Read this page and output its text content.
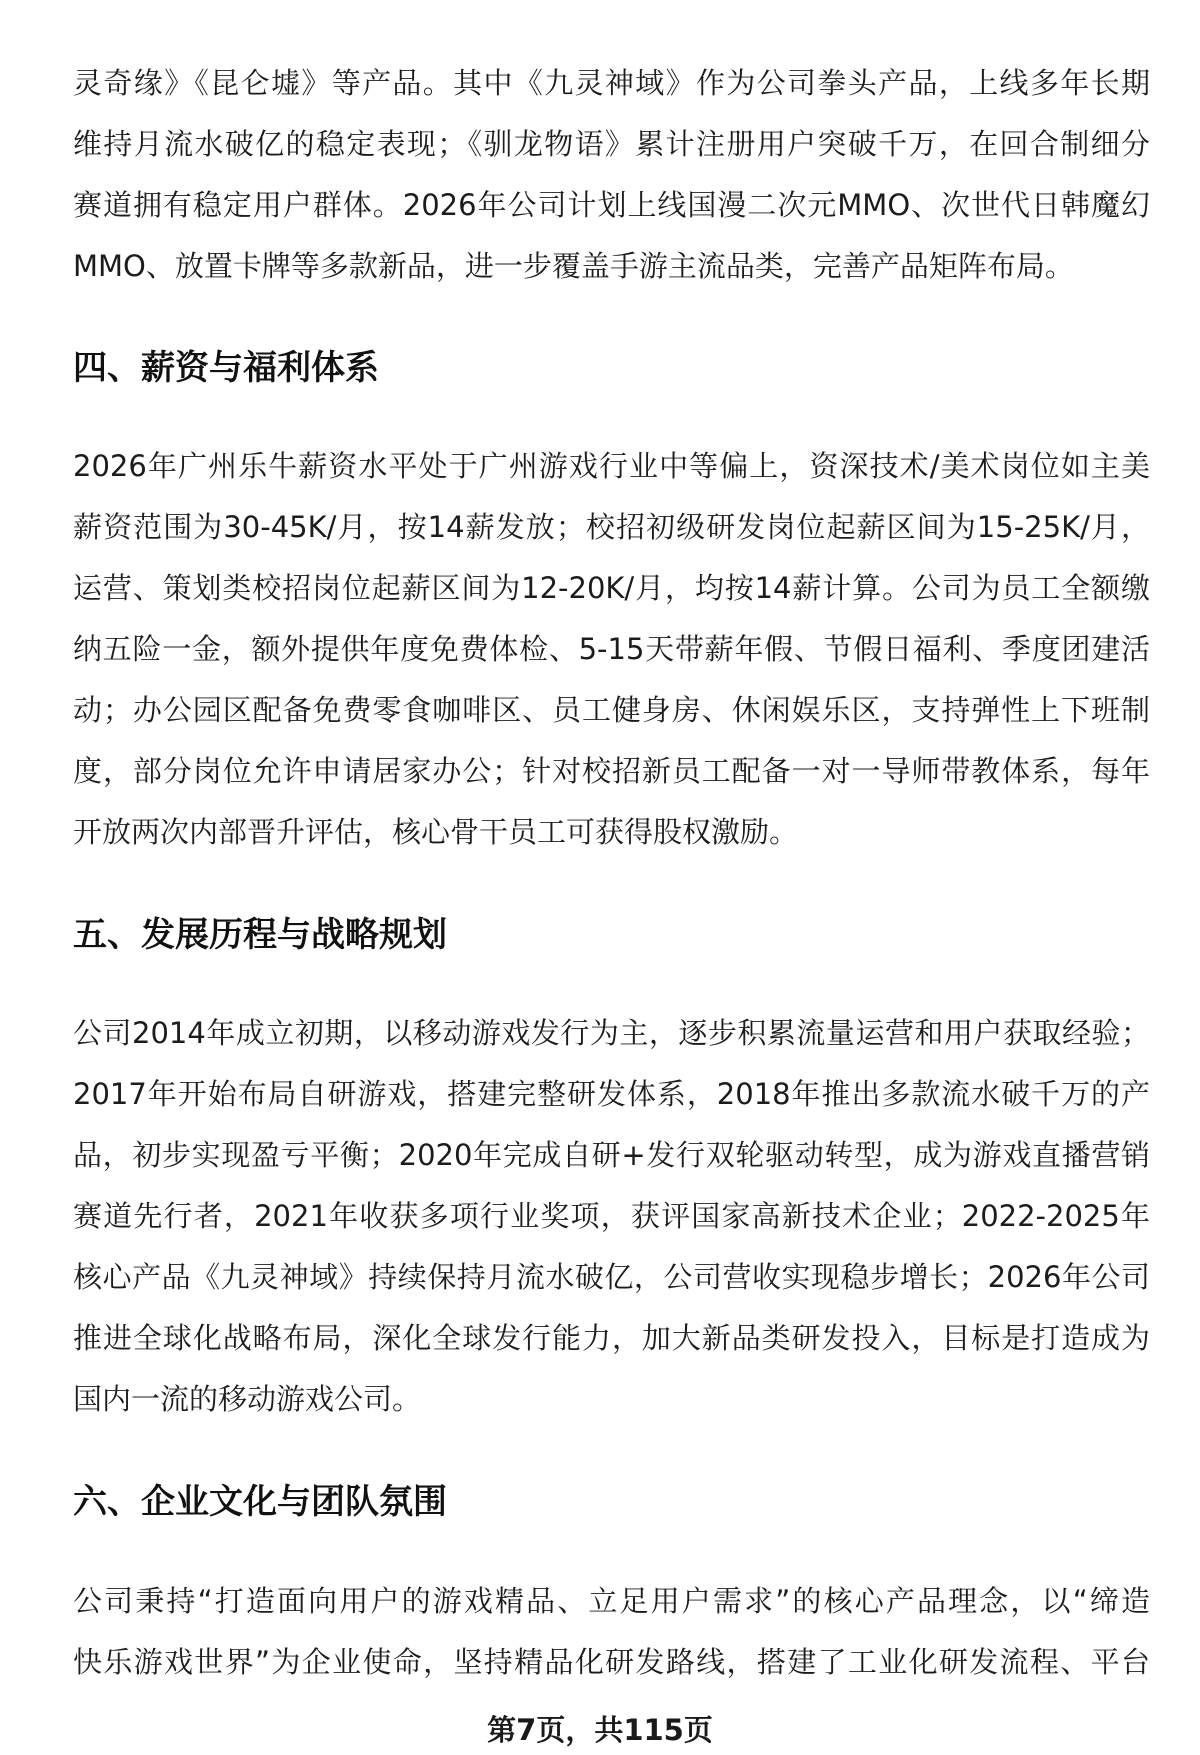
灵奇缘》《昆仑墟》等产品。其中《九灵神域》作为公司拳头产品，上线多年长期
维持月流水破亿的稳定表现；《驯龙物语》累计注册用户突破千万，在回合制细分
赛道拥有稳定用户群体。2026年公司计划上线国漫二次元MMO、次世代日韩魔幻
MMO、放置卡牌等多款新品，进一步覆盖手游主流品类，完善产品矩阵布局。
四、薪资与福利体系
2026年广州乐牛薪资水平处于广州游戏行业中等偏上，资深技术/美术岗位如主美
薪资范围为30-45K/月，按14薪发放；校招初级研发岗位起薪区间为15-25K/月，
运营、策划类校招岗位起薪区间为12-20K/月，均按14薪计算。公司为员工全额缴
纳五险一金，额外提供年度免费体检、5-15天带薪年假、节假日福利、季度团建活
动；办公园区配备免费零食咖啡区、员工健身房、休闲娱乐区，支持弹性上下班制
度，部分岗位允许申请居家办公；针对校招新员工配备一对一导师带教体系，每年
开放两次内部晋升评估，核心骨干员工可获得股权激励。
五、发展历程与战略规划
公司2014年成立初期，以移动游戏发行为主，逐步积累流量运营和用户获取经验；
2017年开始布局自研游戏，搭建完整研发体系，2018年推出多款流水破千万的产
品，初步实现盈亏平衡；2020年完成自研+发行双轮驱动转型，成为游戏直播营销
赛道先行者，2021年收获多项行业奖项，获评国家高新技术企业；2022-2025年
核心产品《九灵神域》持续保持月流水破亿，公司营收实现稳步增长；2026年公司
推进全球化战略布局，深化全球发行能力，加大新品类研发投入，目标是打造成为
国内一流的移动游戏公司。
六、企业文化与团队氛围
公司秉持“打造面向用户的游戏精品、立足用户需求”的核心产品理念，以“缔造
快乐游戏世界”为企业使命，坚持精品化研发路线，搭建了工业化研发流程、平台
第7页，共115页
